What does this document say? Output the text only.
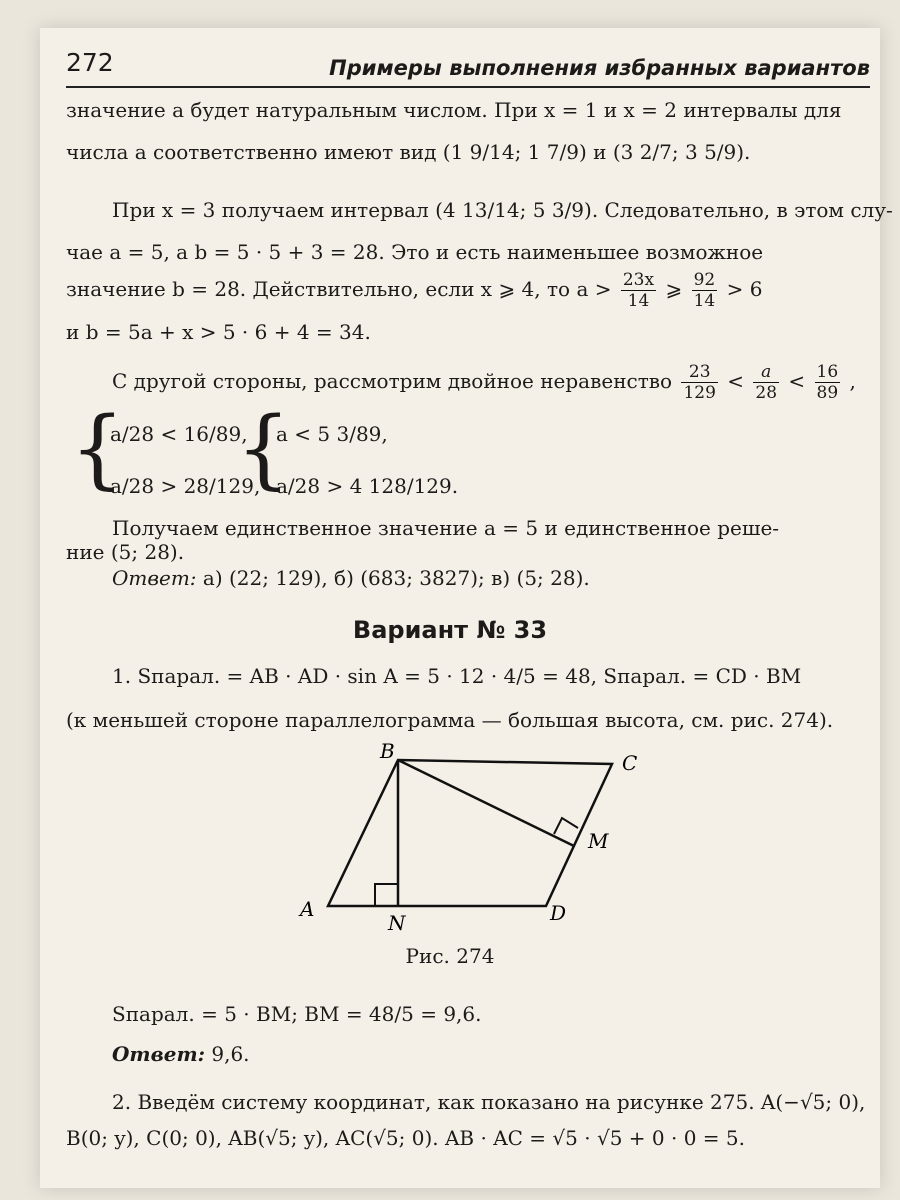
272	Примеры выполнения избранных вариантов
значение a будет натуральным числом. При x = 1 и x = 2 интервалы для
числа a соответственно имеют вид (1 9/14; 1 7/9) и (3 2/7; 3 5/9).
При x = 3 получаем интервал (4 13/14; 5 3/9). Следовательно, в этом слу-
чае a = 5, а b = 5 · 5 + 3 = 28. Это и есть наименьшее возможное
значение b = 28. Действительно, если x ⩾ 4, то $a > \frac{23x}{14}$ ⩾ $\frac{92}{14} > 6$
и b = 5a + x > 5 · 6 + 4 = 34.
С другой стороны, рассмотрим двойное неравенство $\frac{23}{129} < \frac{a}{28} < \frac{16}{89}$ ,
{
a/28 < 16/89,
a/28 > 28/129,
{
a < 5 3/89,
a/28 > 4 128/129.
Получаем единственное значение a = 5 и единственное реше-
ние (5; 28).
Ответ: а) (22; 129), б) (683; 3827); в) (5; 28).
Вариант № 33
1. Sпарал. = AB · AD · sin A = 5 · 12 · 4/5 = 48, Sпарал. = CD · BM
(к меньшей стороне параллелограмма — большая высота, см. рис. 274).
A
B	C
D
M
N
Рис. 274
Sпарал. = 5 · BM; BM = 48/5 = 9,6.
Ответ: 9,6.
2. Введём систему координат, как показано на рисунке 275. A(−√5; 0),
B(0; y), C(0; 0), AB(√5; y), AC(√5; 0). AB · AC = √5 · √5 + 0 · 0 = 5.
